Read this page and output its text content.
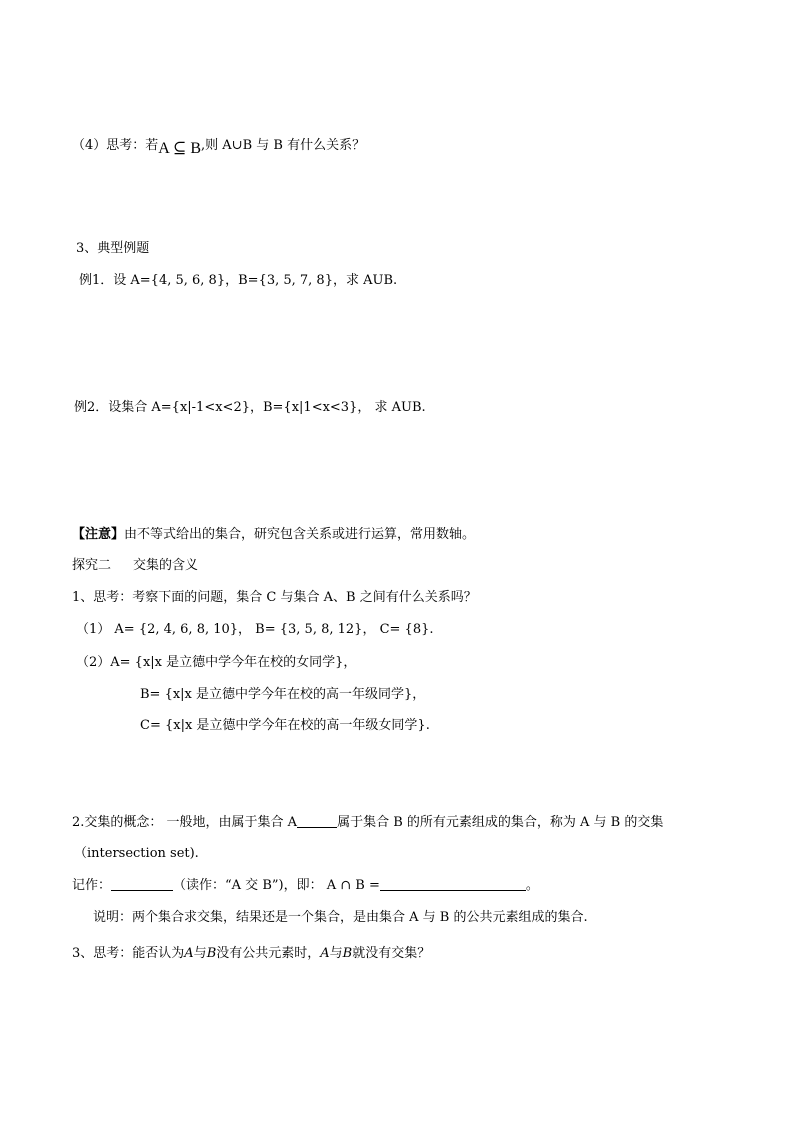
（4）思考：若A ⊆ B,则 A∪B 与 B 有什么关系？
3、典型例题
例1．设 A={4, 5, 6, 8}，B={3, 5, 7, 8}，求 AUB.
例2．设集合 A={x|-1<x<2}，B={x|1<x<3}， 求 AUB.
【注意】由不等式给出的集合，研究包含关系或进行运算，常用数轴。
探究二 交集的含义
1、思考：考察下面的问题，集合 C 与集合 A、B 之间有什么关系吗？
（1） A= {2, 4, 6, 8, 10}， B= {3, 5, 8, 12}， C= {8}.
（2）A= {x|x 是立德中学今年在校的女同学}，
B= {x|x 是立德中学今年在校的高一年级同学}，
C= {x|x 是立德中学今年在校的高一年级女同学}.
2.交集的概念： 一般地，由属于集合 A	属于集合 B 的所有元素组成的集合，称为 A 与 B 的交集
（intersection set).
记作：	（读作：“A 交 B”)，即： A ∩ B =	。
说明：两个集合求交集，结果还是一个集合，是由集合 A 与 B 的公共元素组成的集合.
3、思考：能否认为A与B没有公共元素时，A与B就没有交集？
